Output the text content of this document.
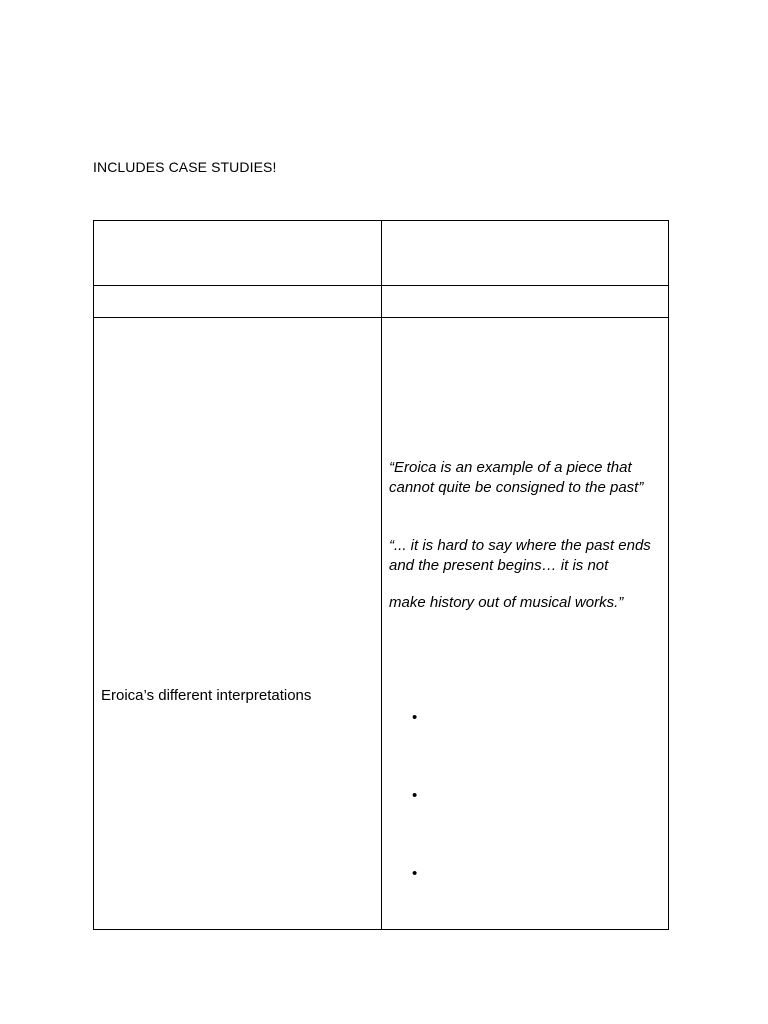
INCLUDES CASE STUDIES!
Eroica’s different interpretations
“Eroica is an example of a piece that cannot quite be consigned to the past”
“... it is hard to say where the past ends and the present begins… it is not
make history out of musical works.”
•
•
•
